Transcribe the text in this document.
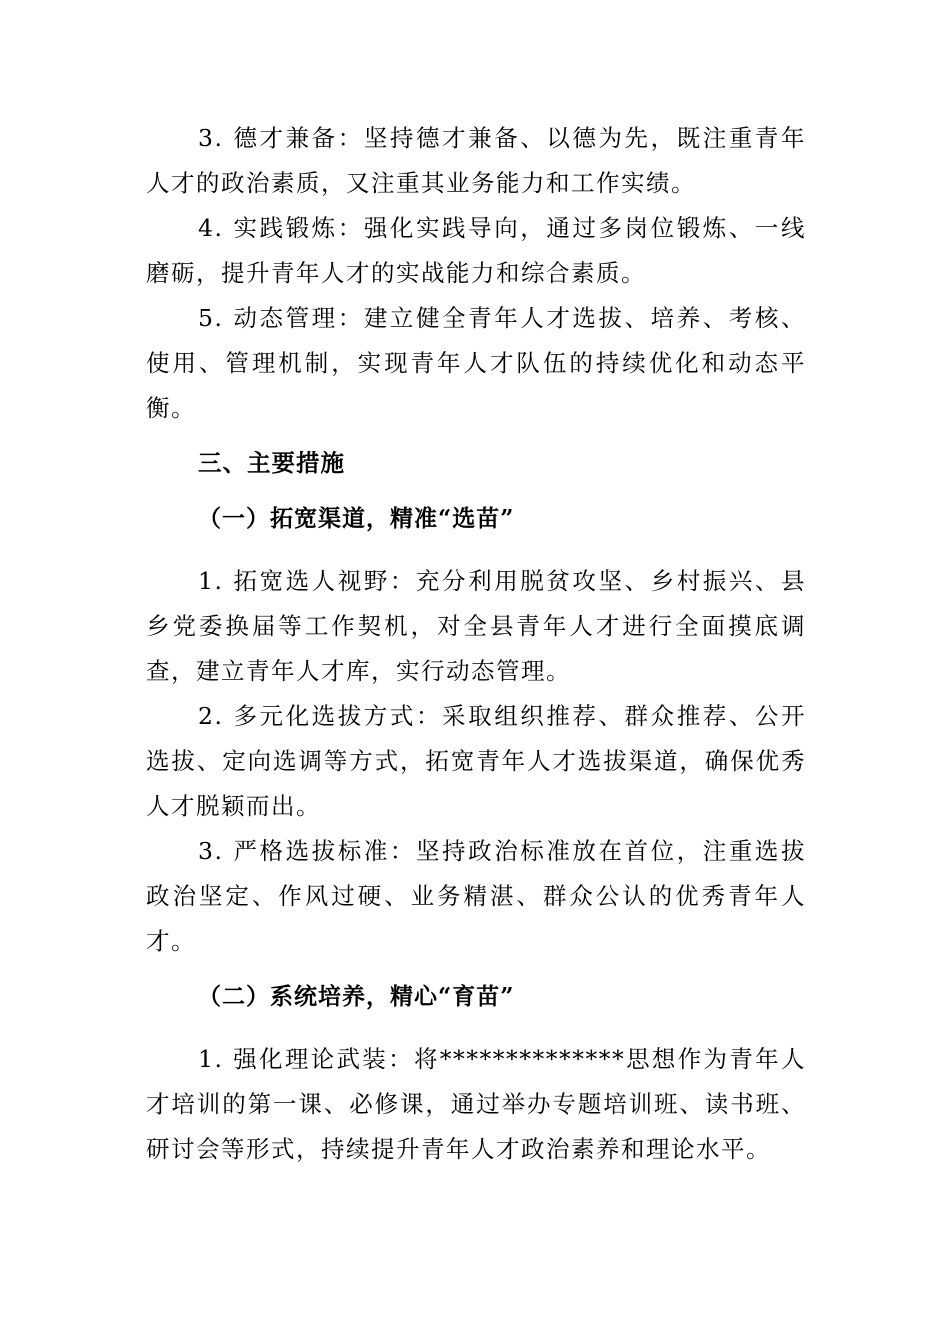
3. 德才兼备：坚持德才兼备、以德为先，既注重青年人才的政治素质，又注重其业务能力和工作实绩。

4. 实践锻炼：强化实践导向，通过多岗位锻炼、一线磨砺，提升青年人才的实战能力和综合素质。

5. 动态管理：建立健全青年人才选拔、培养、考核、使用、管理机制，实现青年人才队伍的持续优化和动态平衡。

三、主要措施

（一）拓宽渠道，精准“选苗”

1. 拓宽选人视野：充分利用脱贫攻坚、乡村振兴、县乡党委换届等工作契机，对全县青年人才进行全面摸底调查，建立青年人才库，实行动态管理。

2. 多元化选拔方式：采取组织推荐、群众推荐、公开选拔、定向选调等方式，拓宽青年人才选拔渠道，确保优秀人才脱颖而出。

3. 严格选拔标准：坚持政治标准放在首位，注重选拔政治坚定、作风过硬、业务精湛、群众公认的优秀青年人才。

（二）系统培养，精心“育苗”

1. 强化理论武装：将**************思想作为青年人才培训的第一课、必修课，通过举办专题培训班、读书班、研讨会等形式，持续提升青年人才政治素养和理论水平。
